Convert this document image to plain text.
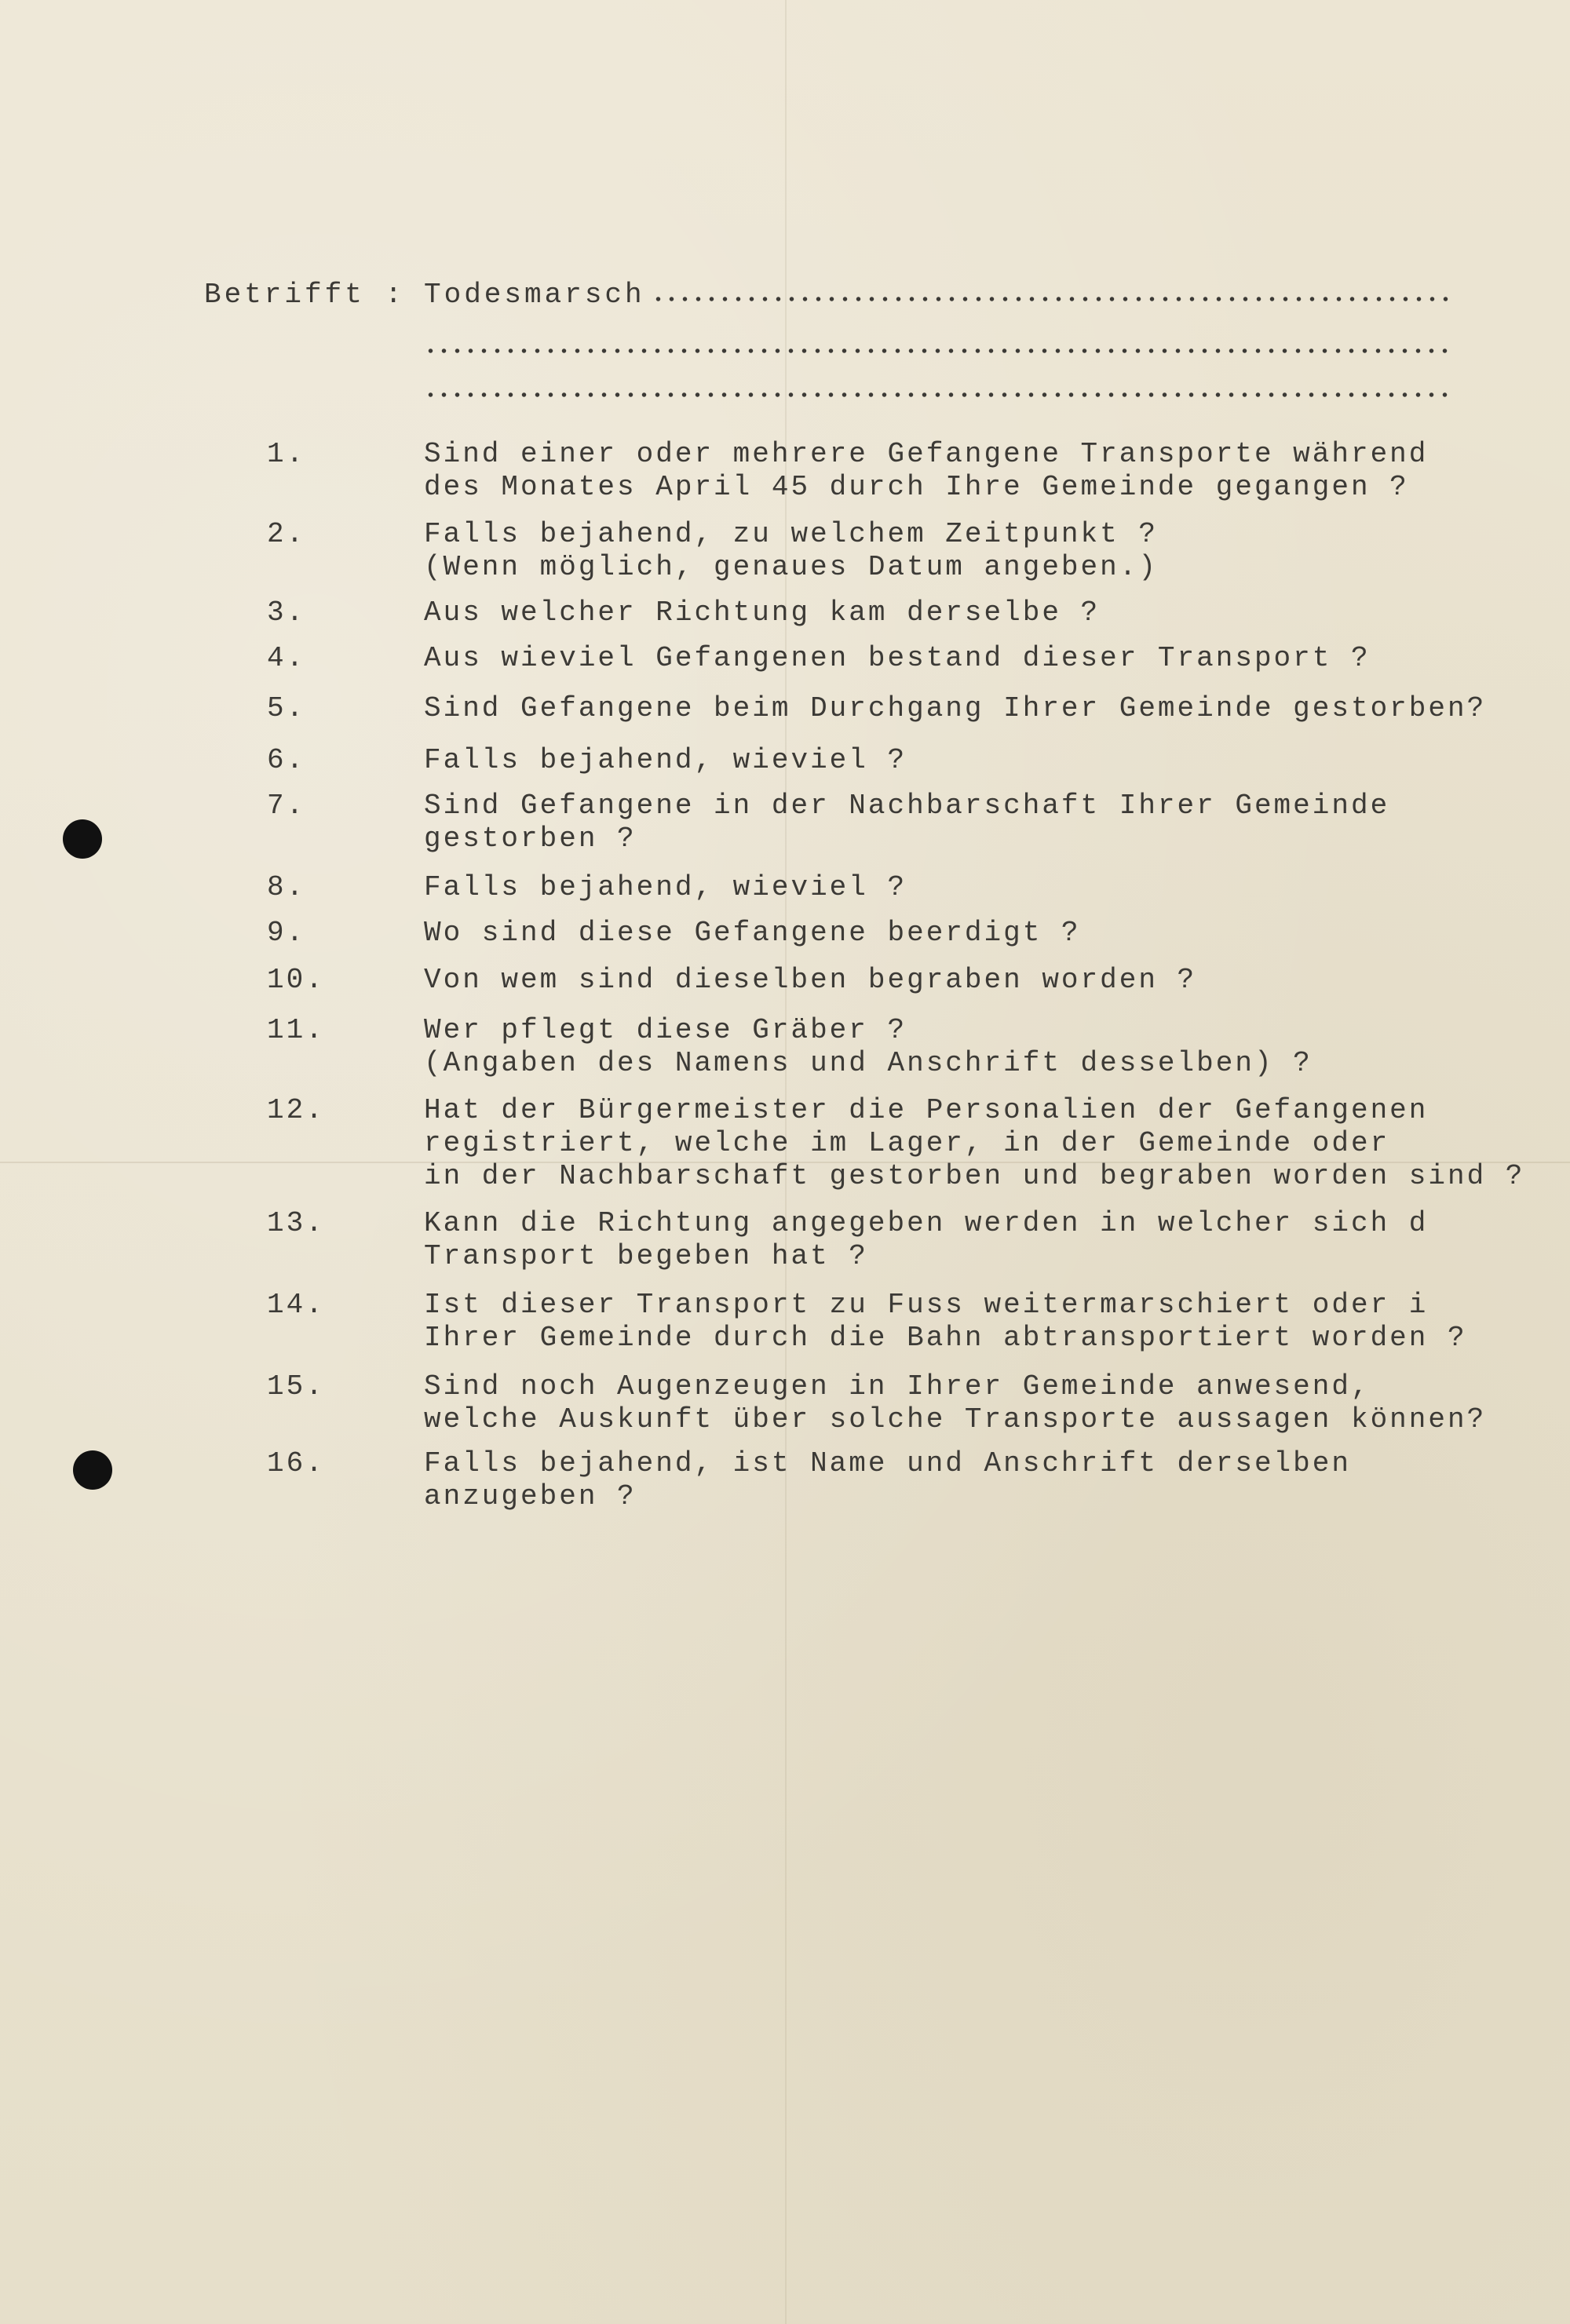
Betrifft : Todesmarsch
1.	Sind einer oder mehrere Gefangene Transporte während
des Monates April 45 durch Ihre Gemeinde gegangen ?
2.	Falls bejahend, zu welchem Zeitpunkt ?
(Wenn möglich, genaues Datum angeben.)
3.	Aus welcher Richtung kam derselbe ?
4.	Aus wieviel Gefangenen bestand dieser Transport ?
5.	Sind Gefangene beim Durchgang Ihrer Gemeinde gestorben?
6.	Falls bejahend, wieviel ?
7.	Sind Gefangene in der Nachbarschaft Ihrer Gemeinde
gestorben ?
8.	Falls bejahend, wieviel ?
9.	Wo sind diese Gefangene beerdigt ?
10.	Von wem sind dieselben begraben worden ?
11.	Wer pflegt diese Gräber ?
(Angaben des Namens und Anschrift desselben) ?
12.	Hat der Bürgermeister die Personalien der Gefangenen
registriert, welche im Lager, in der Gemeinde oder
in der Nachbarschaft gestorben und begraben worden sind ?
13.	Kann die Richtung angegeben werden in welcher sich d
Transport begeben hat ?
14.	Ist dieser Transport zu Fuss weitermarschiert oder i
Ihrer Gemeinde durch die Bahn abtransportiert worden ?
15.	Sind noch Augenzeugen in Ihrer Gemeinde anwesend,
welche Auskunft über solche Transporte aussagen können?
16.	Falls bejahend, ist Name und Anschrift derselben
anzugeben ?
